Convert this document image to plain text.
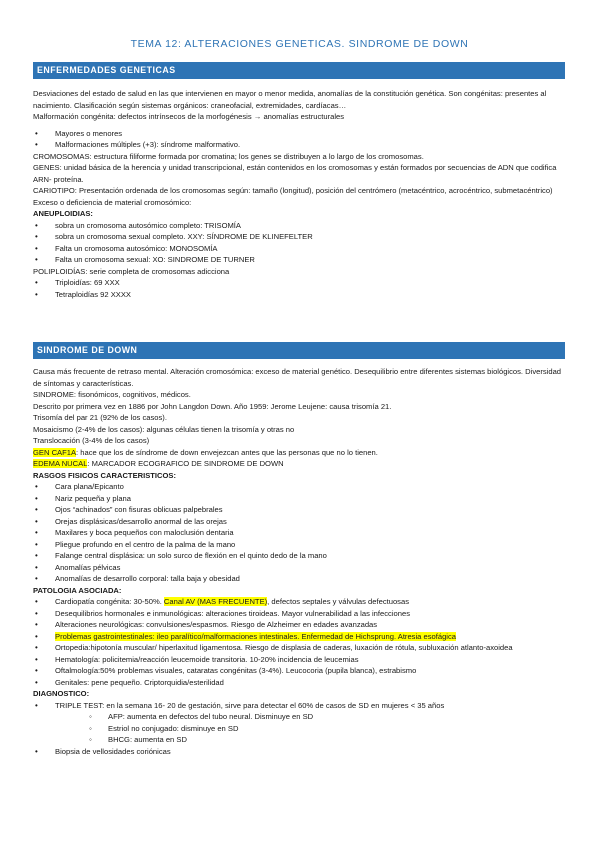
TEMA 12: ALTERACIONES GENETICAS. SINDROME DE DOWN
ENFERMEDADES GENETICAS

Desviaciones del estado de salud en las que intervienen en mayor o menor medida, anomalías de la constitución genética. Son congénitas: presentes al nacimiento. Clasificación según sistemas orgánicos: craneofacial, extremidades, cardíacas…

Malformación congénita: defectos intrínsecos de la morfogénesis → anomalías estructurales

• Mayores o menores
• Malformaciones múltiples (+3): síndrome malformativo.

CROMOSOMAS: estructura filiforme formada por cromatina; los genes se distribuyen a lo largo de los cromosomas.

GENES: unidad básica de la herencia y unidad transcripcional, están contenidos en los cromosomas y están formados por secuencias de ADN que codifica ARN- proteína.

CARIOTIPO: Presentación ordenada de los cromosomas según: tamaño (longitud), posición del centrómero (metacéntrico, acrocéntrico, submetacéntrico)

Exceso o deficiencia de material cromosómico:

ANEUPLOIDIAS:

• sobra un cromosoma autosómico completo: TRISOMÍA
• sobra un cromosoma sexual completo. XXY: SÍNDROME DE KLINEFELTER
• Falta un cromosoma autosómico: MONOSOMÍA
• Falta un cromosoma sexual: XO: SINDROME DE TURNER

POLIPLOIDÍAS: serie completa de cromosomas adicciona

• Triploidías: 69 XXX
• Tetraploidías 92 XXXX
SINDROME DE DOWN

Causa más frecuente de retraso mental. Alteración cromosómica: exceso de material genético. Desequilibrio entre diferentes sistemas biológicos. Diversidad de síntomas y características.

SINDROME: fisonómicos, cognitivos, médicos.

Descrito por primera vez en 1886 por John Langdon Down. Año 1959: Jerome Leujene: causa trisomía 21.

Trisomía del par 21 (92% de los casos).

Mosaicismo (2-4% de los casos): algunas células tienen la trisomía y otras no

Translocación (3-4% de los casos)

GEN CAF1A: hace que los de síndrome de down envejezcan antes que las personas que no lo tienen.

EDEMA NUCAL: MARCADOR ECOGRAFICO DE SINDROME DE DOWN

RASGOS FISICOS CARACTERISTICOS:

• Cara plana/Epicanto
• Nariz pequeña y plana
• Ojos “achinados” con fisuras oblicuas palpebrales
• Orejas displásicas/desarrollo anormal de las orejas
• Maxilares y boca pequeños con maloclusión dentaria
• Pliegue profundo en el centro de la palma de la mano
• Falange central displásica: un solo surco de flexión en el quinto dedo de la mano
• Anomalías pélvicas
• Anomalías de desarrollo corporal: talla baja y obesidad

PATOLOGIA ASOCIADA:

• Cardiopatía congénita: 30-50%. Canal AV (MAS FRECUENTE), defectos septales y válvulas defectuosas
• Desequilibrios hormonales e inmunológicas: alteraciones tiroideas. Mayor vulnerabilidad a las infecciones
• Alteraciones neurológicas: convulsiones/espasmos. Riesgo de Alzheimer en edades avanzadas
• Problemas gastrointestinales: ileo paralítico/malformaciones intestinales. Enfermedad de Hichsprung. Atresia esofágica
• Ortopedia:hipotonía muscular/ hiperlaxitud ligamentosa. Riesgo de displasia de caderas, luxación de rótula, subluxación atlanto-axoidea
• Hematología: policitemia/reacción leucemoide transitoria. 10-20% incidencia de leucemias
• Oftalmología:50% problemas visuales, cataratas congénitas (3-4%). Leucocoria (pupila blanca), estrabismo
• Genitales: pene pequeño. Criptorquidia/esterilidad

DIAGNOSTICO:

• TRIPLE TEST: en la semana 16- 20 de gestación, sirve para detectar el 60% de casos de SD en mujeres < 35 años
◦ AFP: aumenta en defectos del tubo neural. Disminuye en SD
◦ Estriol no conjugado: disminuye en SD
◦ BHCG: aumenta en SD
• Biopsia de vellosidades coriónicas
